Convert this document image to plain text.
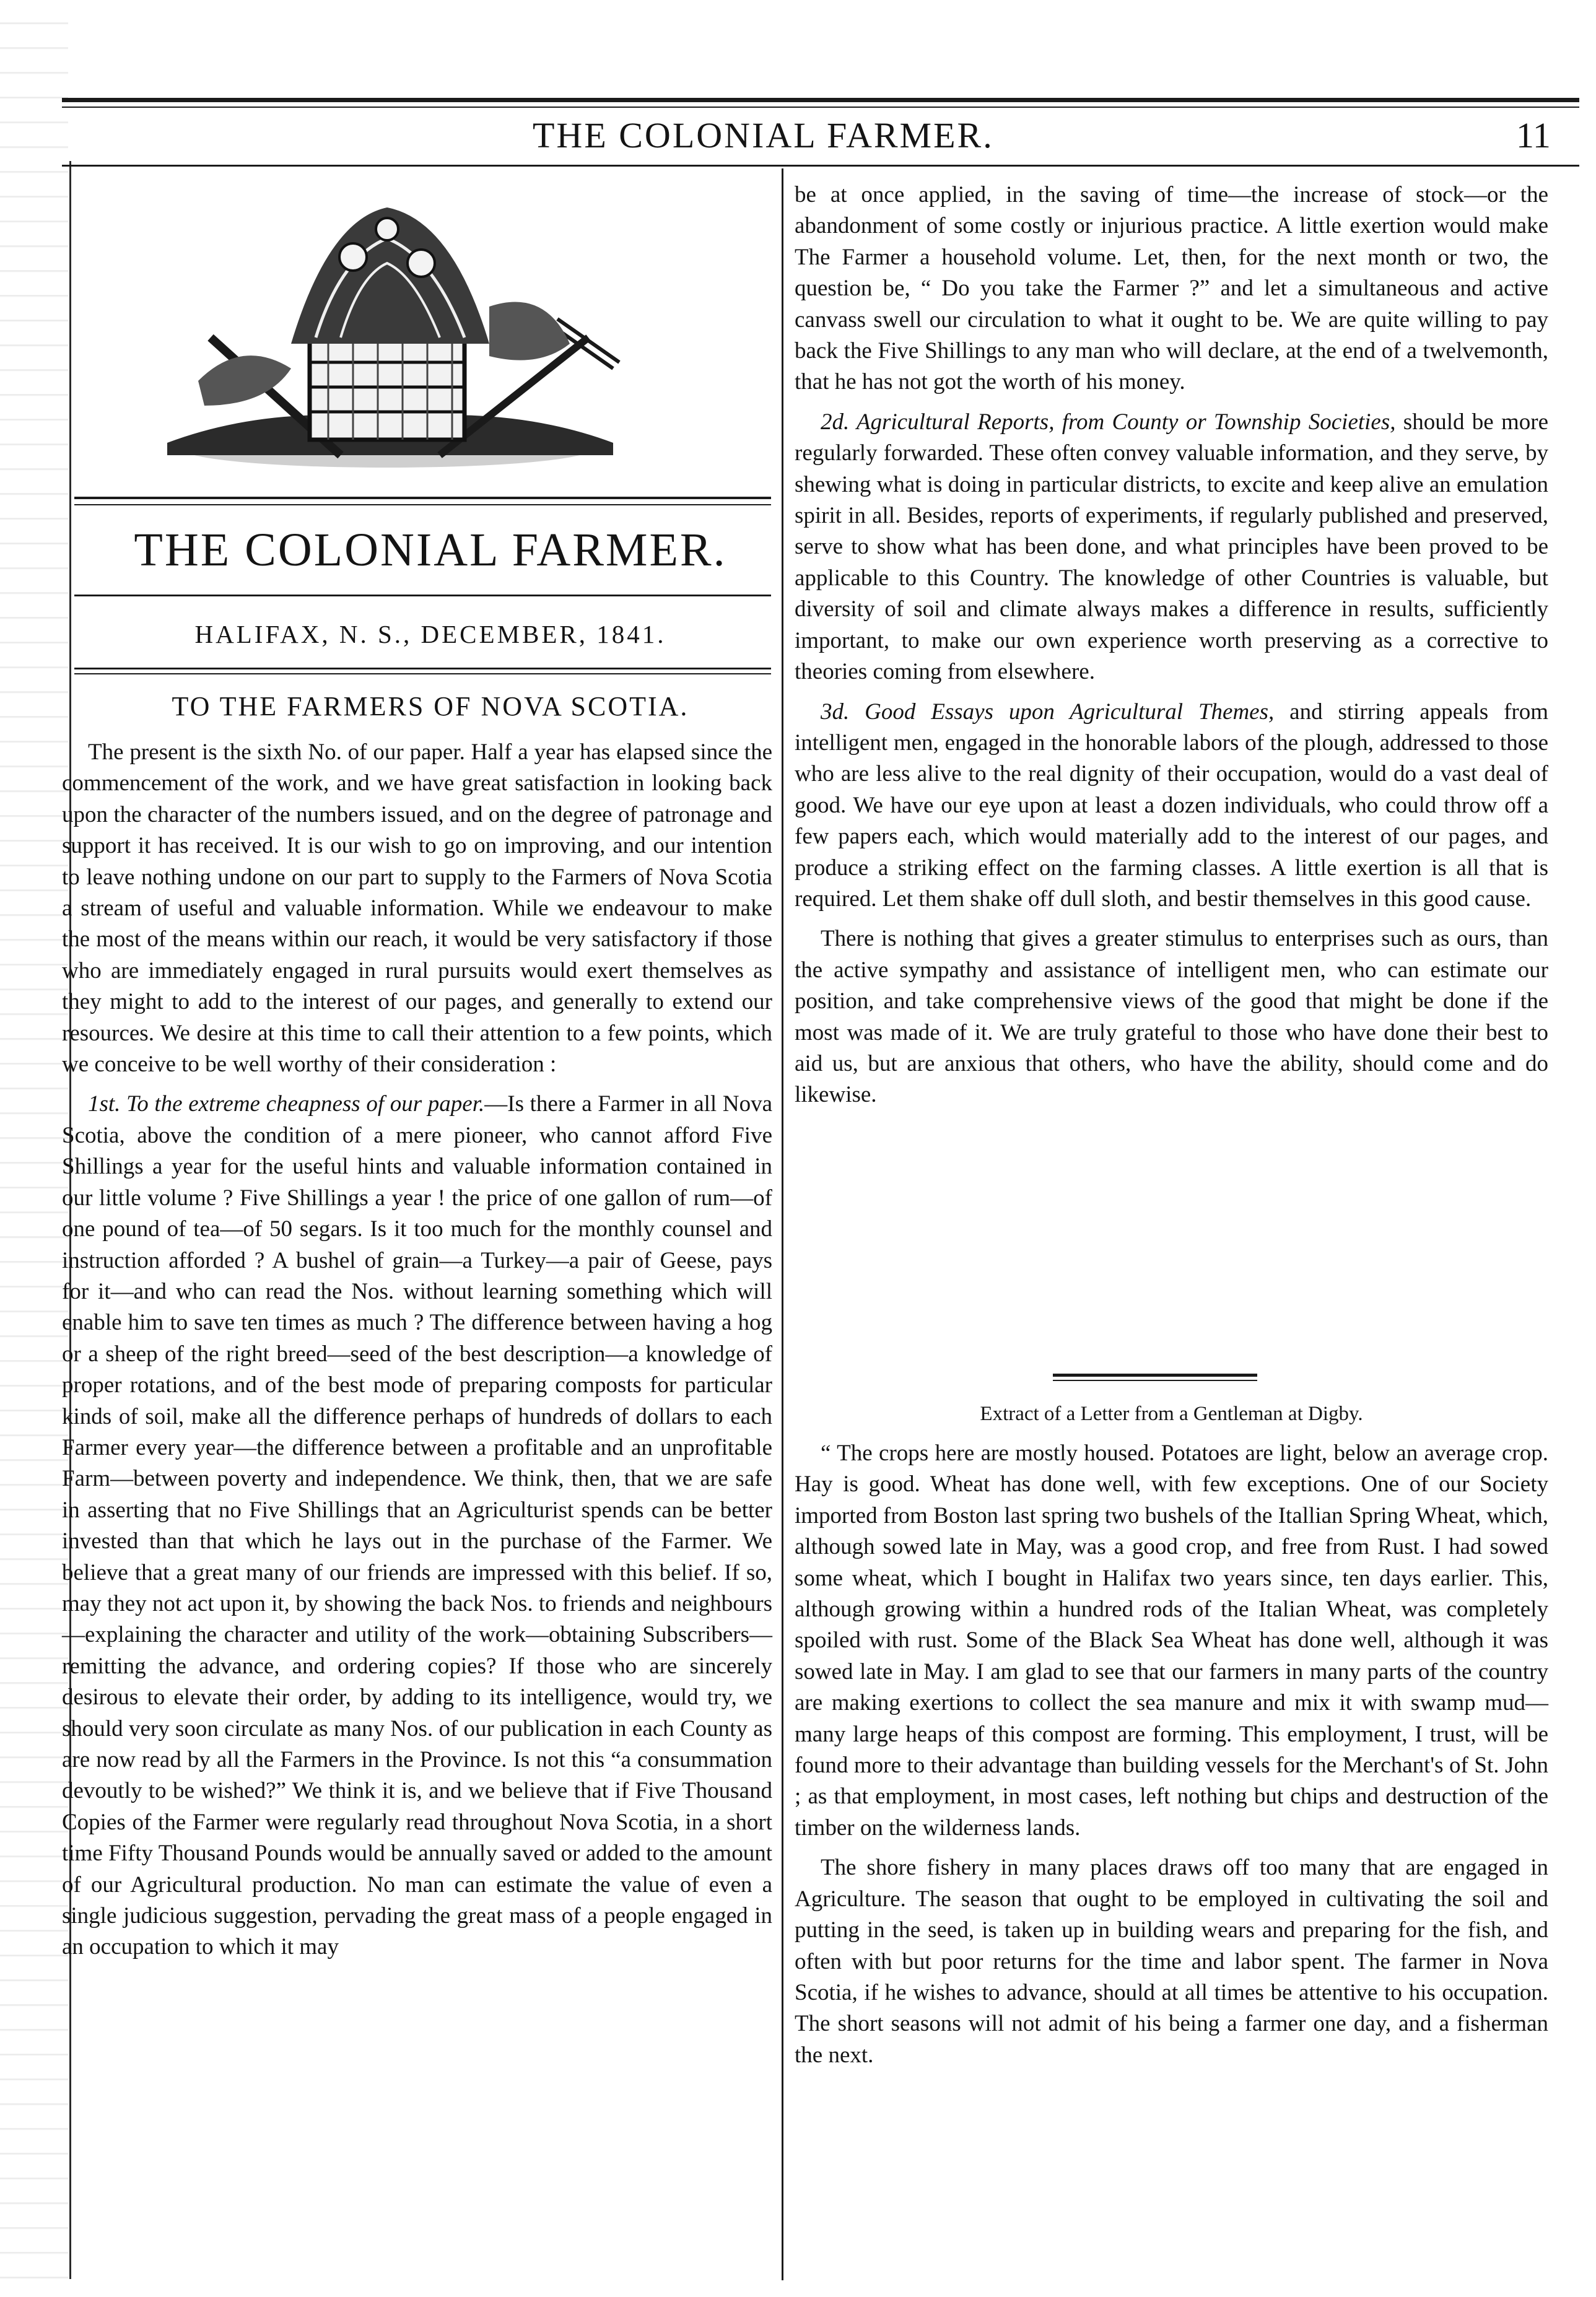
THE COLONIAL FARMER.	11
THE COLONIAL FARMER.
HALIFAX, N. S., DECEMBER, 1841.
TO THE FARMERS OF NOVA SCOTIA.

The present is the sixth No. of our paper. Half a year has elapsed since the commencement of the work, and we have great satisfaction in looking back upon the character of the numbers issued, and on the degree of patronage and support it has received. It is our wish to go on improving, and our intention to leave nothing undone on our part to supply to the Farmers of Nova Scotia a stream of useful and valuable information. While we endeavour to make the most of the means within our reach, it would be very satisfactory if those who are immediately engaged in rural pursuits would exert themselves as they might to add to the interest of our pages, and generally to extend our resources. We desire at this time to call their attention to a few points, which we conceive to be well worthy of their consideration :

1st. To the extreme cheapness of our paper.—Is there a Farmer in all Nova Scotia, above the condition of a mere pioneer, who cannot afford Five Shillings a year for the useful hints and valuable information contained in our little volume ? Five Shillings a year ! the price of one gallon of rum—of one pound of tea—of 50 segars. Is it too much for the monthly counsel and instruction afforded ? A bushel of grain—a Turkey—a pair of Geese, pays for it—and who can read the Nos. without learning something which will enable him to save ten times as much ? The difference between having a hog or a sheep of the right breed—seed of the best description—a knowledge of proper rotations, and of the best mode of preparing composts for particular kinds of soil, make all the difference perhaps of hundreds of dollars to each Farmer every year—the difference between a profitable and an unprofitable Farm—between poverty and independence. We think, then, that we are safe in asserting that no Five Shillings that an Agriculturist spends can be better invested than that which he lays out in the purchase of the Farmer. We believe that a great many of our friends are impressed with this belief. If so, may they not act upon it, by showing the back Nos. to friends and neighbours—explaining the character and utility of the work—obtaining Subscribers—remitting the advance, and ordering copies? If those who are sincerely desirous to elevate their order, by adding to its intelligence, would try, we should very soon circulate as many Nos. of our publication in each County as are now read by all the Farmers in the Province. Is not this “a consummation devoutly to be wished?” We think it is, and we believe that if Five Thousand Copies of the Farmer were regularly read throughout Nova Scotia, in a short time Fifty Thousand Pounds would be annually saved or added to the amount of our Agricultural production. No man can estimate the value of even a single judicious suggestion, pervading the great mass of a people engaged in an occupation to which it may

be at once applied, in the saving of time—the increase of stock—or the abandonment of some costly or injurious practice. A little exertion would make The Farmer a household volume. Let, then, for the next month or two, the question be, “ Do you take the Farmer ?” and let a simultaneous and active canvass swell our circulation to what it ought to be. We are quite willing to pay back the Five Shillings to any man who will declare, at the end of a twelvemonth, that he has not got the worth of his money.

2d. Agricultural Reports, from County or Township Societies, should be more regularly forwarded. These often convey valuable information, and they serve, by shewing what is doing in particular districts, to excite and keep alive an emulation spirit in all. Besides, reports of experiments, if regularly published and preserved, serve to show what has been done, and what principles have been proved to be applicable to this Country. The knowledge of other Countries is valuable, but diversity of soil and climate always makes a difference in results, sufficiently important, to make our own experience worth preserving as a corrective to theories coming from elsewhere.

3d. Good Essays upon Agricultural Themes, and stirring appeals from intelligent men, engaged in the honorable labors of the plough, addressed to those who are less alive to the real dignity of their occupation, would do a vast deal of good. We have our eye upon at least a dozen individuals, who could throw off a few papers each, which would materially add to the interest of our pages, and produce a striking effect on the farming classes. A little exertion is all that is required. Let them shake off dull sloth, and bestir themselves in this good cause.

There is nothing that gives a greater stimulus to enterprises such as ours, than the active sympathy and assistance of intelligent men, who can estimate our position, and take comprehensive views of the good that might be done if the most was made of it. We are truly grateful to those who have done their best to aid us, but are anxious that others, who have the ability, should come and do likewise.

Extract of a Letter from a Gentleman at Digby.

“ The crops here are mostly housed. Potatoes are light, below an average crop. Hay is good. Wheat has done well, with few exceptions. One of our Society imported from Boston last spring two bushels of the Itallian Spring Wheat, which, although sowed late in May, was a good crop, and free from Rust. I had sowed some wheat, which I bought in Halifax two years since, ten days earlier. This, although growing within a hundred rods of the Italian Wheat, was completely spoiled with rust. Some of the Black Sea Wheat has done well, although it was sowed late in May. I am glad to see that our farmers in many parts of the country are making exertions to collect the sea manure and mix it with swamp mud—many large heaps of this compost are forming. This employment, I trust, will be found more to their advantage than building vessels for the Merchant's of St. John ; as that employment, in most cases, left nothing but chips and destruction of the timber on the wilderness lands.

The shore fishery in many places draws off too many that are engaged in Agriculture. The season that ought to be employed in cultivating the soil and putting in the seed, is taken up in building wears and preparing for the fish, and often with but poor returns for the time and labor spent. The farmer in Nova Scotia, if he wishes to advance, should at all times be attentive to his occupation. The short seasons will not admit of his being a farmer one day, and a fisherman the next.
